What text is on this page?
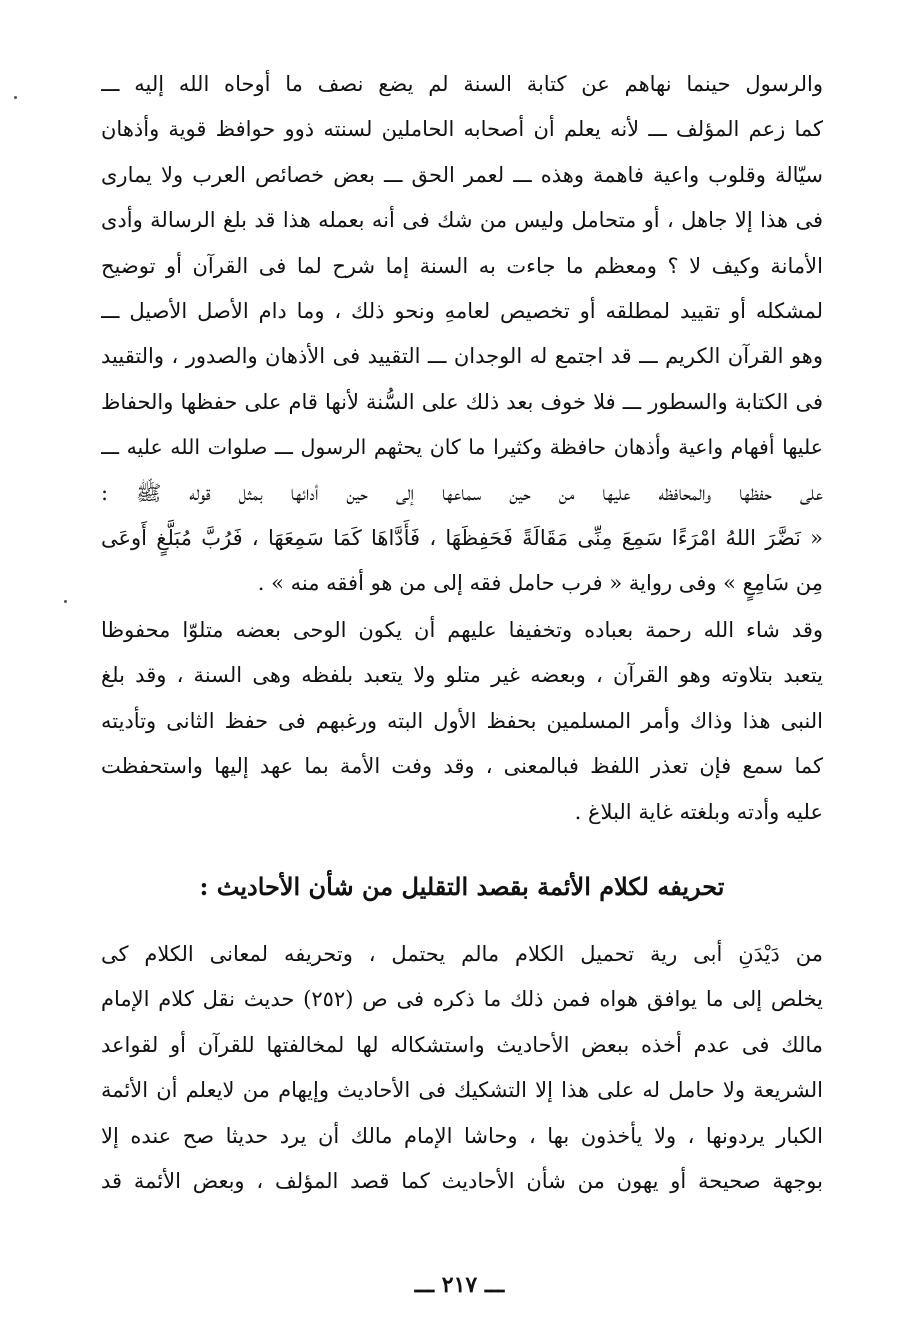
والرسول حينما نهاهم عن كتابة السنة لم يضع نصف ما أوحاه الله إليه ـــ
كما زعم المؤلف ـــ لأنه يعلم أن أصحابه الحاملين لسنته ذوو حوافظ قوية وأذهان
سيّالة وقلوب واعية فاهمة وهذه ـــ لعمر الحق ـــ بعض خصائص العرب ولا يمارى
فى هذا إلا جاهل ، أو متحامل وليس من شك فى أنه بعمله هذا قد بلغ الرسالة وأدى
الأمانة وكيف لا ؟ ومعظم ما جاءت به السنة إما شرح لما فى القرآن أو توضيح
لمشكله أو تقييد لمطلقه أو تخصيص لعامهِ ونحو ذلك ، وما دام الأصل الأصيل ـــ
وهو القرآن الكريم ـــ قد اجتمع له الوجدان ـــ التقييد فى الأذهان والصدور ، والتقييد
فى الكتابة والسطور ـــ فلا خوف بعد ذلك على السُّنة لأنها قام على حفظها والحفاظ
عليها أفهام واعية وأذهان حافظة وكثيرا ما كان يحثهم الرسول ـــ صلوات الله عليه ـــ
على حفظها والمحافظه عليها من حين سماعها إلى حين أدائها بمثل قوله ﷺ :
« نَضَّرَ اللهُ امْرَءًا سَمِعَ مِنِّى مَقَالَةً فَحَفِظَهَا ، فَأَدَّاهَا كَمَا سَمِعَهَا ، فَرُبَّ مُبَلَّغٍ أَوعَى
مِن سَامِعٍ » وفى رواية « فرب حامل فقه إلى من هو أفقه منه » .
وقد شاء الله رحمة بعباده وتخفيفا عليهم أن يكون الوحى بعضه متلوّا محفوظا
يتعبد بتلاوته وهو القرآن ، وبعضه غير متلو ولا يتعبد بلفظه وهى السنة ، وقد بلغ
النبى هذا وذاك وأمر المسلمين بحفظ الأول البته ورغبهم فى حفظ الثانى وتأديته
كما سمع فإن تعذر اللفظ فبالمعنى ، وقد وفت الأمة بما عهد إليها واستحفظت
عليه وأدته وبلغته غاية البلاغ .
تحريفه لكلام الأئمة بقصد التقليل من شأن الأحاديث :
من دَيْدَنِ أبى رية تحميل الكلام مالم يحتمل ، وتحريفه لمعانى الكلام كى
يخلص إلى ما يوافق هواه فمن ذلك ما ذكره فى ص (٢٥٢) حديث نقل كلام الإمام
مالك فى عدم أخذه ببعض الأحاديث واستشكاله لها لمخالفتها للقرآن أو لقواعد
الشريعة ولا حامل له على هذا إلا التشكيك فى الأحاديث وإيهام من لايعلم أن الأئمة
الكبار يردونها ، ولا يأخذون بها ، وحاشا الإمام مالك أن يرد حديثا صح عنده إلا
بوجهة صحيحة أو يهون من شأن الأحاديث كما قصد المؤلف ، وبعض الأئمة قد
ـــ ٢١٧ ـــ
